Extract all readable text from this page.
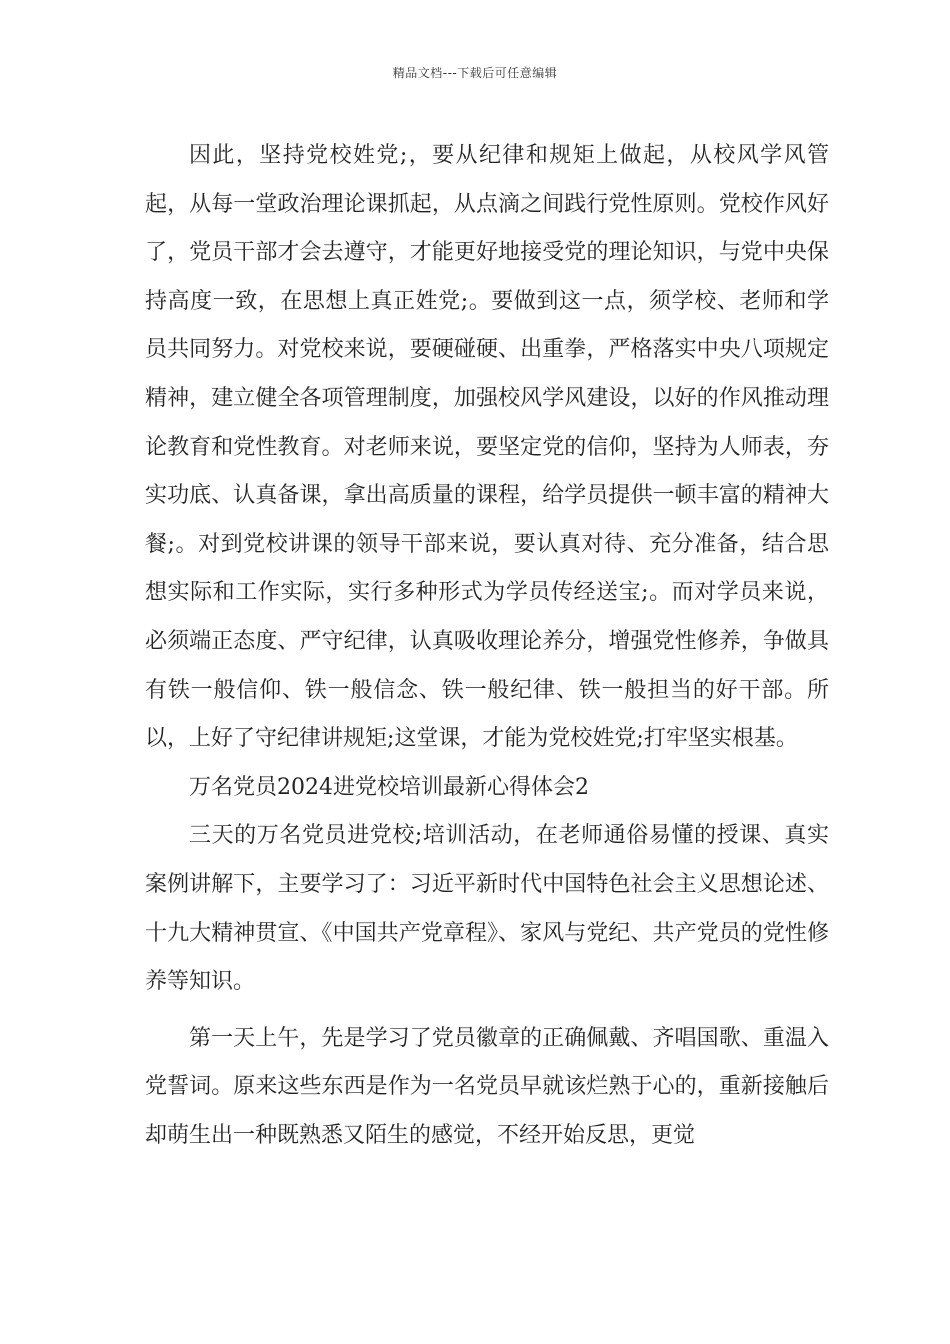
精品文档---下载后可任意编辑

因此，坚持党校姓党;，要从纪律和规矩上做起，从校风学风管起，从每一堂政治理论课抓起，从点滴之间践行党性原则。党校作风好了，党员干部才会去遵守，才能更好地接受党的理论知识，与党中央保持高度一致，在思想上真正姓党;。要做到这一点，须学校、老师和学员共同努力。对党校来说，要硬碰硬、出重拳，严格落实中央八项规定精神，建立健全各项管理制度，加强校风学风建设，以好的作风推动理论教育和党性教育。对老师来说，要坚定党的信仰，坚持为人师表，夯实功底、认真备课，拿出高质量的课程，给学员提供一顿丰富的精神大餐;。对到党校讲课的领导干部来说，要认真对待、充分准备，结合思想实际和工作实际，实行多种形式为学员传经送宝;。而对学员来说，必须端正态度、严守纪律，认真吸收理论养分，增强党性修养，争做具有铁一般信仰、铁一般信念、铁一般纪律、铁一般担当的好干部。所以，上好了守纪律讲规矩;这堂课，才能为党校姓党;打牢坚实根基。

万名党员2024进党校培训最新心得体会2

三天的万名党员进党校;培训活动，在老师通俗易懂的授课、真实案例讲解下，主要学习了：习近平新时代中国特色社会主义思想论述、十九大精神贯宣、《中国共产党章程》、家风与党纪、共产党员的党性修养等知识。

第一天上午，先是学习了党员徽章的正确佩戴、齐唱国歌、重温入党誓词。原来这些东西是作为一名党员早就该烂熟于心的，重新接触后却萌生出一种既熟悉又陌生的感觉，不经开始反思，更觉
